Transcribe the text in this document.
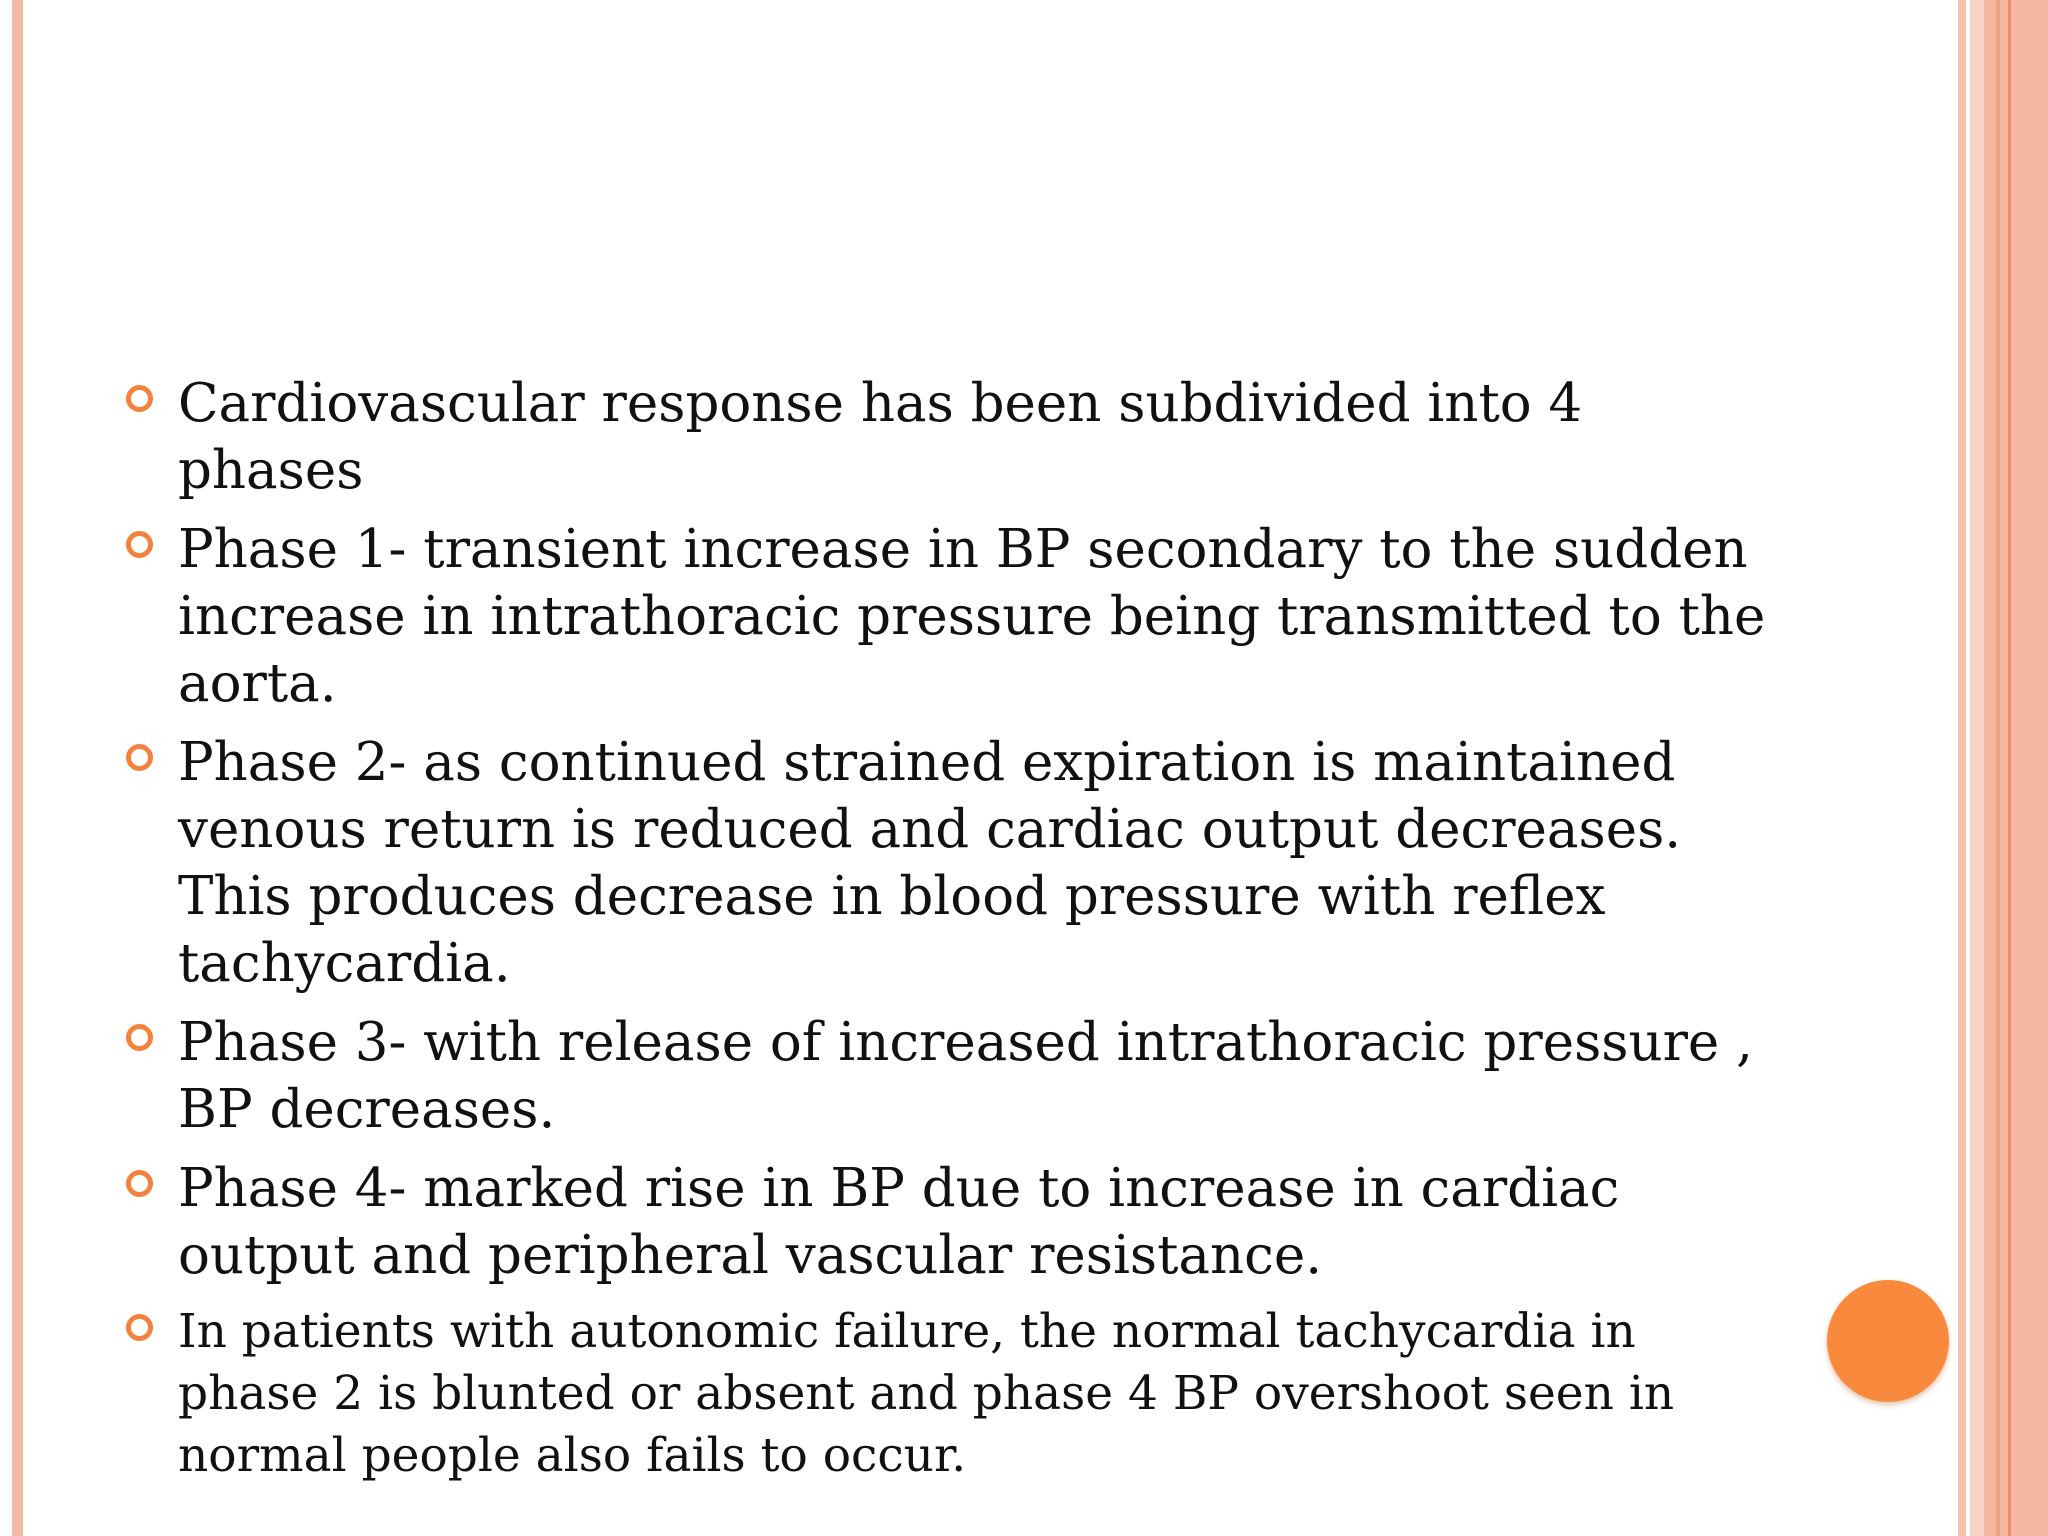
Cardiovascular response has been subdivided into 4 phases
Phase 1- transient increase in BP secondary to the sudden increase in intrathoracic pressure being transmitted to the aorta.
Phase 2- as continued strained expiration is maintained venous return is reduced and cardiac output decreases. This produces decrease in blood pressure with reflex tachycardia.
Phase 3- with release of increased intrathoracic pressure , BP decreases.
Phase 4- marked rise in BP due to increase in cardiac output and peripheral vascular resistance.
In patients with autonomic failure, the normal tachycardia in phase 2 is blunted or absent and phase 4 BP overshoot seen in normal people also fails to occur.
